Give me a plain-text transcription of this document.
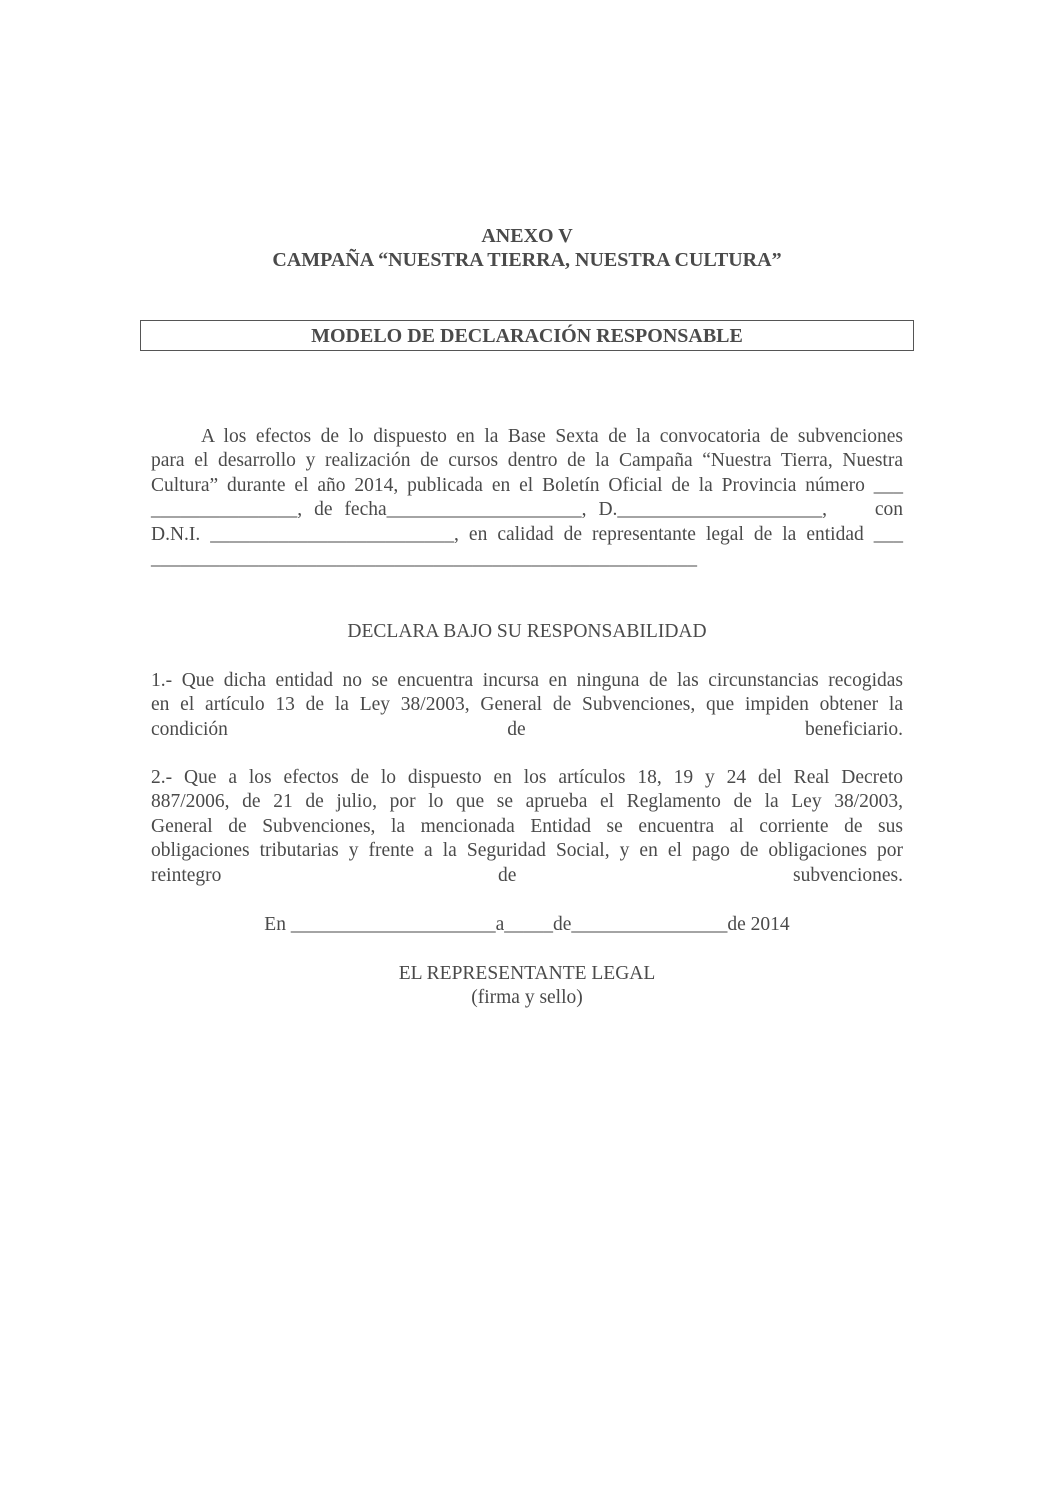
ANEXO V
CAMPAÑA “NUESTRA TIERRA, NUESTRA CULTURA”
MODELO DE DECLARACIÓN RESPONSABLE
A los efectos de lo dispuesto en la Base Sexta de la convocatoria de subvenciones
para el desarrollo y realización de cursos dentro de la Campaña “Nuestra Tierra, Nuestra
Cultura” durante el año 2014, publicada en el Boletín Oficial de la Provincia número ___
_______________, de fecha____________________, D._____________________,    con
D.N.I. _________________________, en calidad de representante legal de la entidad ___
________________________________________________________
DECLARA BAJO SU RESPONSABILIDAD
1.- Que dicha entidad no se encuentra incursa en ninguna de las circunstancias recogidas
en el artículo 13 de la Ley 38/2003, General de Subvenciones, que impiden obtener la
condición de beneficiario.
2.- Que a los efectos de lo dispuesto en los artículos 18, 19 y 24 del Real Decreto
887/2006, de 21 de julio, por lo que se aprueba el Reglamento de la Ley 38/2003,
General de Subvenciones, la mencionada Entidad se encuentra al corriente de sus
obligaciones tributarias y frente a la Seguridad Social, y en el pago de obligaciones por
reintegro de subvenciones.
En _____________________a_____de________________de 2014
EL REPRESENTANTE LEGAL
(firma y sello)
